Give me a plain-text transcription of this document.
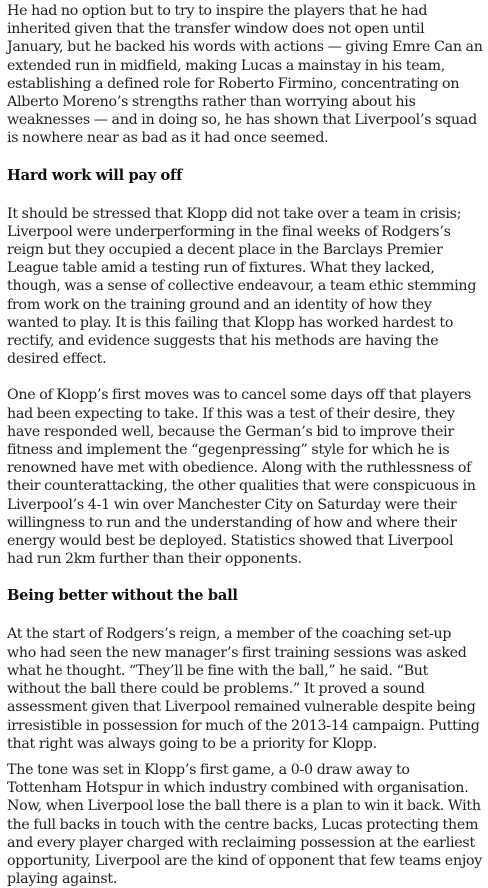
He had no option but to try to inspire the players that he had inherited given that the transfer window does not open until January, but he backed his words with actions — giving Emre Can an extended run in midfield, making Lucas a mainstay in his team, establishing a defined role for Roberto Firmino, concentrating on Alberto Moreno’s strengths rather than worrying about his weaknesses — and in doing so, he has shown that Liverpool’s squad is nowhere near as bad as it had once seemed.

Hard work will pay off

It should be stressed that Klopp did not take over a team in crisis; Liverpool were underperforming in the final weeks of Rodgers’s reign but they occupied a decent place in the Barclays Premier League table amid a testing run of fixtures. What they lacked, though, was a sense of collective endeavour, a team ethic stemming from work on the training ground and an identity of how they wanted to play. It is this failing that Klopp has worked hardest to rectify, and evidence suggests that his methods are having the desired effect.

One of Klopp’s first moves was to cancel some days off that players had been expecting to take. If this was a test of their desire, they have responded well, because the German’s bid to improve their fitness and implement the “gegenpressing” style for which he is renowned have met with obedience. Along with the ruthlessness of their counterattacking, the other qualities that were conspicuous in Liverpool’s 4-1 win over Manchester City on Saturday were their willingness to run and the understanding of how and where their energy would best be deployed. Statistics showed that Liverpool had run 2km further than their opponents.

Being better without the ball

At the start of Rodgers’s reign, a member of the coaching set-up who had seen the new manager’s first training sessions was asked what he thought. “They’ll be fine with the ball,” he said. “But without the ball there could be problems.” It proved a sound assessment given that Liverpool remained vulnerable despite being irresistible in possession for much of the 2013-14 campaign. Putting that right was always going to be a priority for Klopp.

The tone was set in Klopp’s first game, a 0-0 draw away to Tottenham Hotspur in which industry combined with organisation. Now, when Liverpool lose the ball there is a plan to win it back. With the full backs in touch with the centre backs, Lucas protecting them and every player charged with reclaiming possession at the earliest opportunity, Liverpool are the kind of opponent that few teams enjoy playing against.
